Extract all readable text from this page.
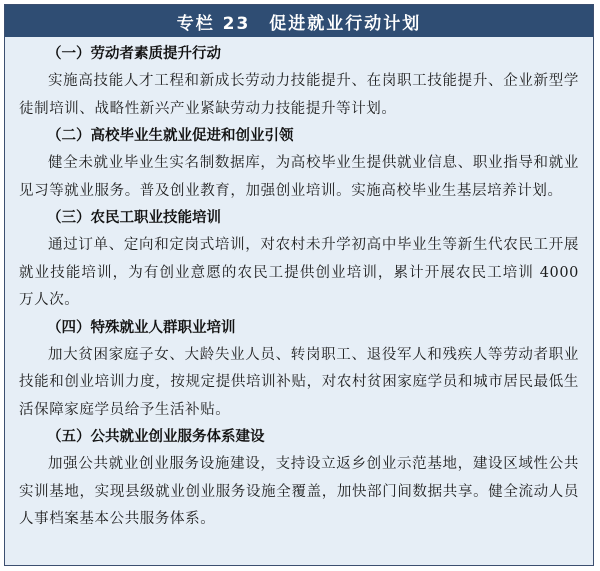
专栏 23　促进就业行动计划
（一）劳动者素质提升行动

实施高技能人才工程和新成长劳动力技能提升、在岗职工技能提升、企业新型学徒制培训、战略性新兴产业紧缺劳动力技能提升等计划。

（二）高校毕业生就业促进和创业引领

健全未就业毕业生实名制数据库，为高校毕业生提供就业信息、职业指导和就业见习等就业服务。普及创业教育，加强创业培训。实施高校毕业生基层培养计划。

（三）农民工职业技能培训

通过订单、定向和定岗式培训，对农村未升学初高中毕业生等新生代农民工开展就业技能培训，为有创业意愿的农民工提供创业培训，累计开展农民工培训 4000 万人次。

（四）特殊就业人群职业培训

加大贫困家庭子女、大龄失业人员、转岗职工、退役军人和残疾人等劳动者职业技能和创业培训力度，按规定提供培训补贴，对农村贫困家庭学员和城市居民最低生活保障家庭学员给予生活补贴。

（五）公共就业创业服务体系建设

加强公共就业创业服务设施建设，支持设立返乡创业示范基地，建设区域性公共实训基地，实现县级就业创业服务设施全覆盖，加快部门间数据共享。健全流动人员人事档案基本公共服务体系。
